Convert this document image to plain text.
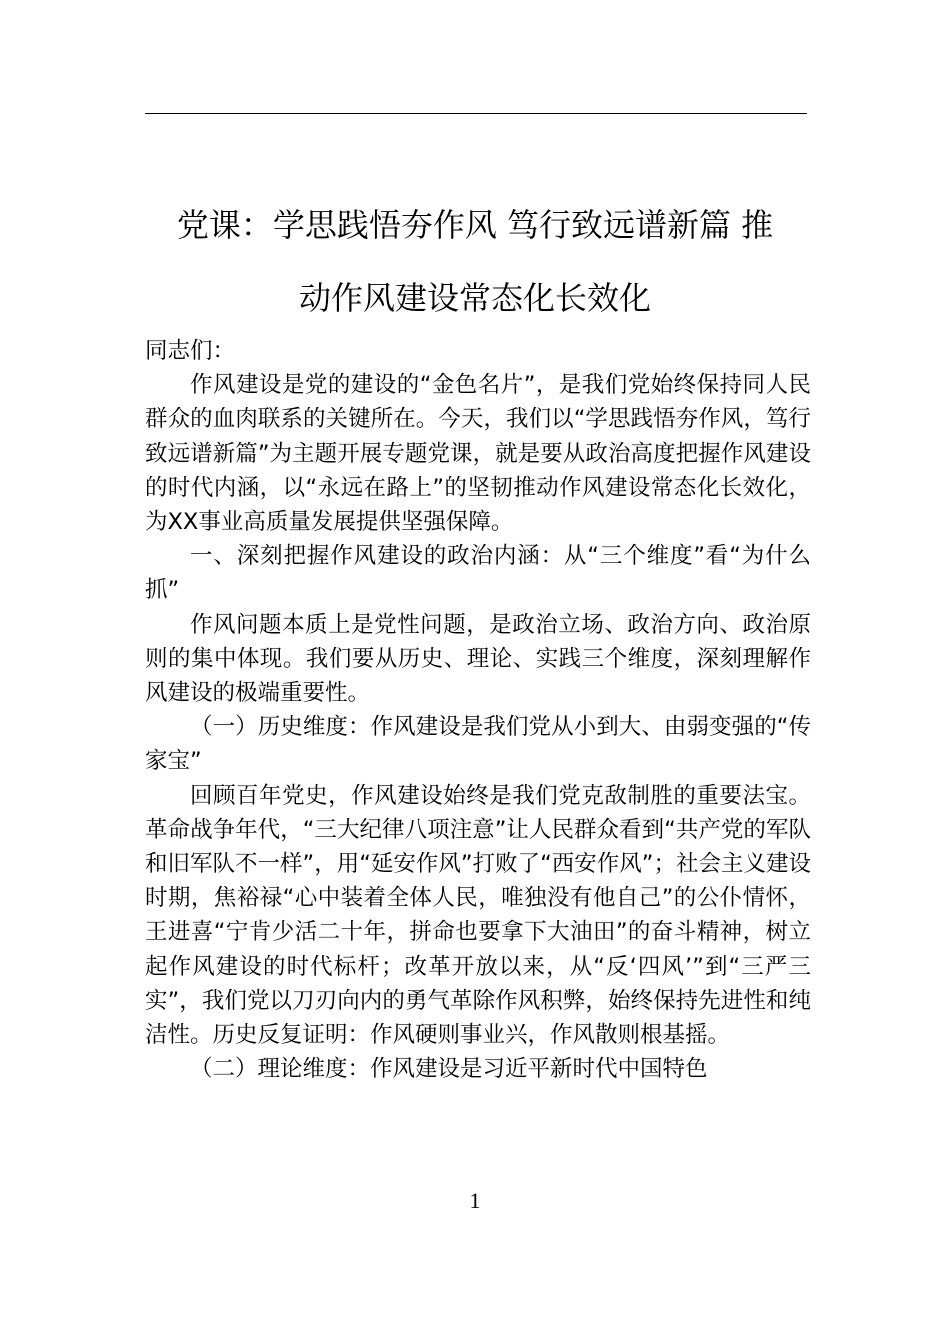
党课：学思践悟夯作风 笃行致远谱新篇 推
动作风建设常态化长效化

同志们：

作风建设是党的建设的“金色名片”，是我们党始终保持同人民群众的血肉联系的关键所在。今天，我们以“学思践悟夯作风，笃行致远谱新篇”为主题开展专题党课，就是要从政治高度把握作风建设的时代内涵，以“永远在路上”的坚韧推动作风建设常态化长效化，为XX事业高质量发展提供坚强保障。

一、深刻把握作风建设的政治内涵：从“三个维度”看“为什么抓”

作风问题本质上是党性问题，是政治立场、政治方向、政治原则的集中体现。我们要从历史、理论、实践三个维度，深刻理解作风建设的极端重要性。

（一）历史维度：作风建设是我们党从小到大、由弱变强的“传家宝”

回顾百年党史，作风建设始终是我们党克敌制胜的重要法宝。革命战争年代，“三大纪律八项注意”让人民群众看到“共产党的军队和旧军队不一样”，用“延安作风”打败了“西安作风”；社会主义建设时期，焦裕禄“心中装着全体人民，唯独没有他自己”的公仆情怀，王进喜“宁肯少活二十年，拼命也要拿下大油田”的奋斗精神，树立起作风建设的时代标杆；改革开放以来，从“反‘四风’”到“三严三实”，我们党以刀刃向内的勇气革除作风积弊，始终保持先进性和纯洁性。历史反复证明：作风硬则事业兴，作风散则根基摇。

（二）理论维度：作风建设是习近平新时代中国特色

1
